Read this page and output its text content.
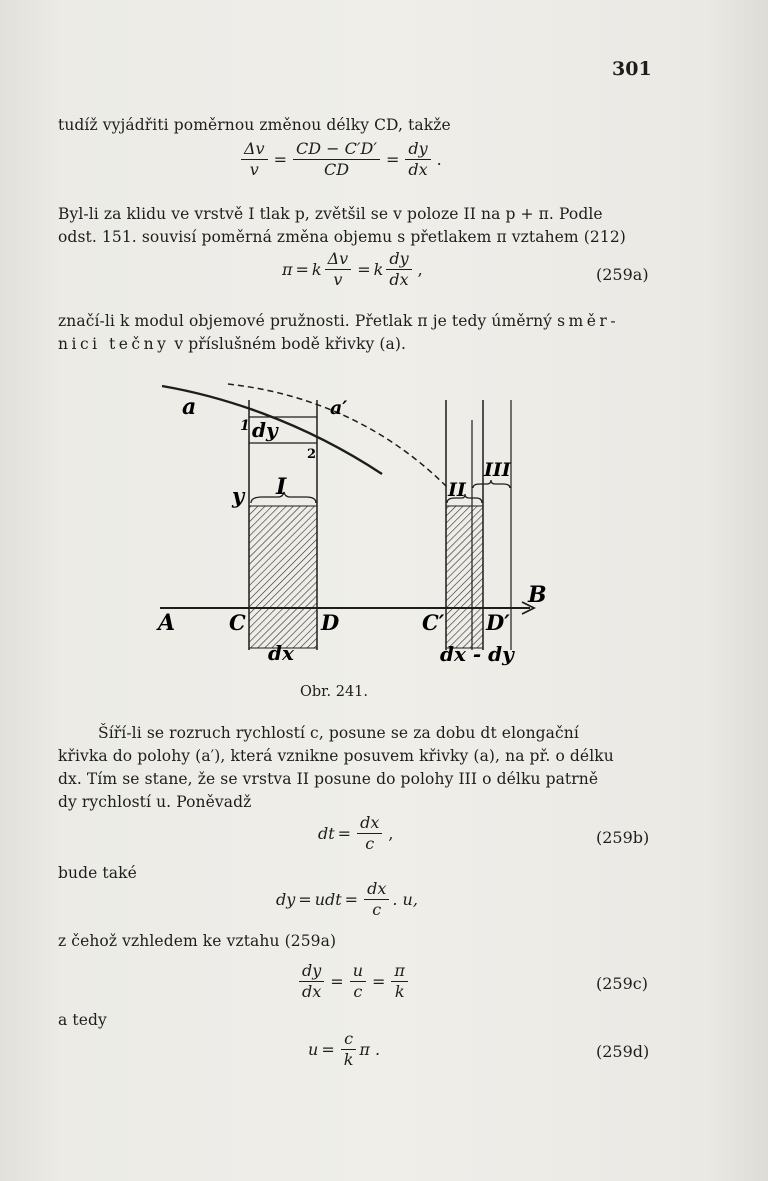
301
tudíž vyjádřiti poměrnou změnou délky CD, takže
$\frac{\Delta v}{v} = \frac{CD - C'D'}{CD} = \frac{dy}{dx}$ .
Byl-li za klidu ve vrstvě I tlak p, zvětšil se v poloze II na p + π. Podle
odst. 151. souvisí poměrná změna objemu s přetlakem π vztahem (212)
π = k $\frac{\Delta v}{v} = k \frac{dy}{dx}$ ,	(259a)
značí-li k modul objemové pružnosti. Přetlak π je tedy úměrný směr-
nici tečny v příslušném bodě křivky (a).
a	a′
1 dy
2
y I	II
III
A
B
C	D	C′ D′
dx	dx - dy
Obr. 241.
Šíří-li se rozruch rychlostí c, posune se za dobu dt elongační
křivka do polohy (a′), která vznikne posuvem křivky (a), na př. o délku
dx. Tím se stane, že se vrstva II posune do polohy III o délku patrně
dy rychlostí u. Poněvadž
dt = $\frac{dx}{c}$ ,	(259b)
bude také
dy = udt = $\frac{dx}{c}$ . u,
z čehož vzhledem ke vztahu (259a)
$\frac{dy}{dx} = \frac{u}{c} = \frac{\pi}{k}$	(259c)
a tedy
$u = \frac{c}{k}$ π .	(259d)
